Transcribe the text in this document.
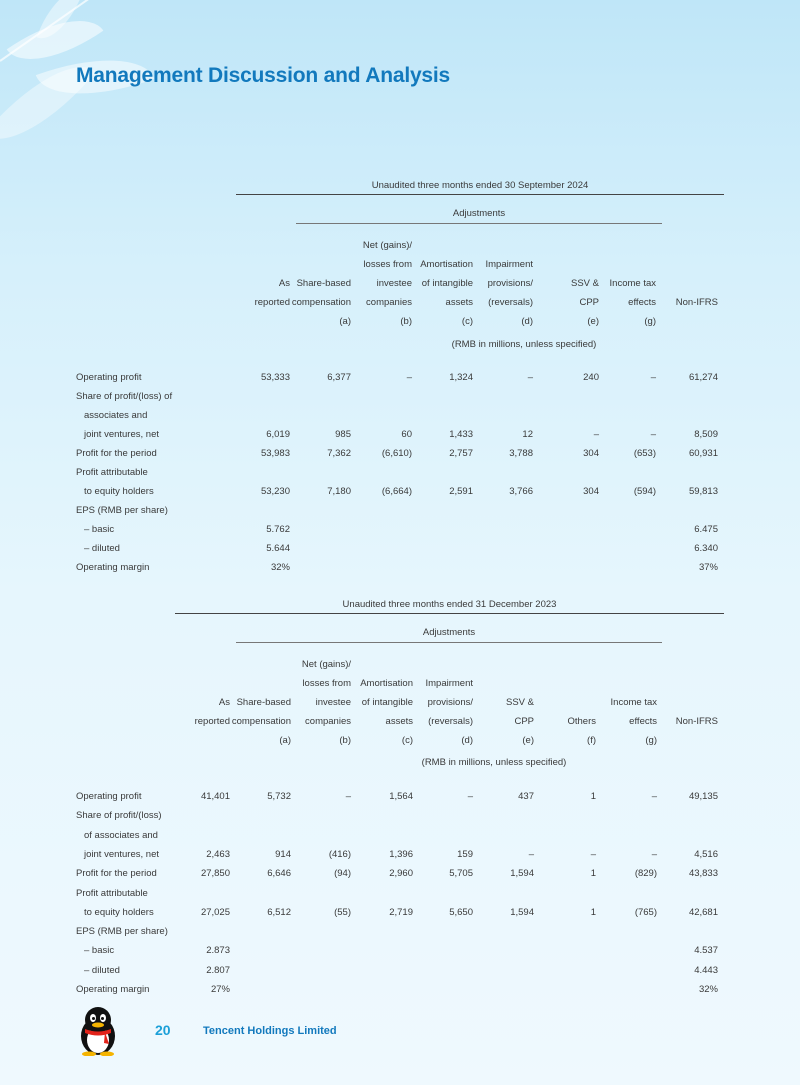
Management Discussion and Analysis
Unaudited three months ended 30 September 2024
Adjustments
As
reported
Share-based
compensation
(a)
Net (gains)/
losses from
investee
companies
(b)
Amortisation
of intangible
assets
(c)
Impairment
provisions/
(reversals)
(d)
SSV &
CPP
(e)
Income tax
effects
(g)
Non-IFRS
(RMB in millions, unless specified)
Operating profit	53,333	6,377	–	1,324	–	240	–	61,274
Share of profit/(loss) of
associates and
joint ventures, net	6,019	985	60	1,433	12	–	–	8,509
Profit for the period	53,983	7,362	(6,610)	2,757	3,788	304	(653)	60,931
Profit attributable
to equity holders	53,230	7,180	(6,664)	2,591	3,766	304	(594)	59,813
EPS (RMB per share)
– basic	5.762	6.475
– diluted	5.644	6.340
Operating margin	32%	37%
Unaudited three months ended 31 December 2023
Adjustments
As
reported
Share-based
compensation
(a)
Net (gains)/
losses from
investee
companies
(b)
Amortisation
of intangible
assets
(c)
Impairment
provisions/
(reversals)
(d)
SSV &
CPP
(e)
Others
(f)
Income tax
effects
(g)
Non-IFRS
(RMB in millions, unless specified)
Operating profit	41,401	5,732	–	1,564	–	437	1	–	49,135
Share of profit/(loss)
of associates and
joint ventures, net	2,463	914	(416)	1,396	159	–	–	–	4,516
Profit for the period	27,850	6,646	(94)	2,960	5,705	1,594	1	(829)	43,833
Profit attributable
to equity holders	27,025	6,512	(55)	2,719	5,650	1,594	1	(765)	42,681
EPS (RMB per share)
– basic	2.873	4.537
– diluted	2.807	4.443
Operating margin	27%	32%
20	Tencent Holdings Limited
